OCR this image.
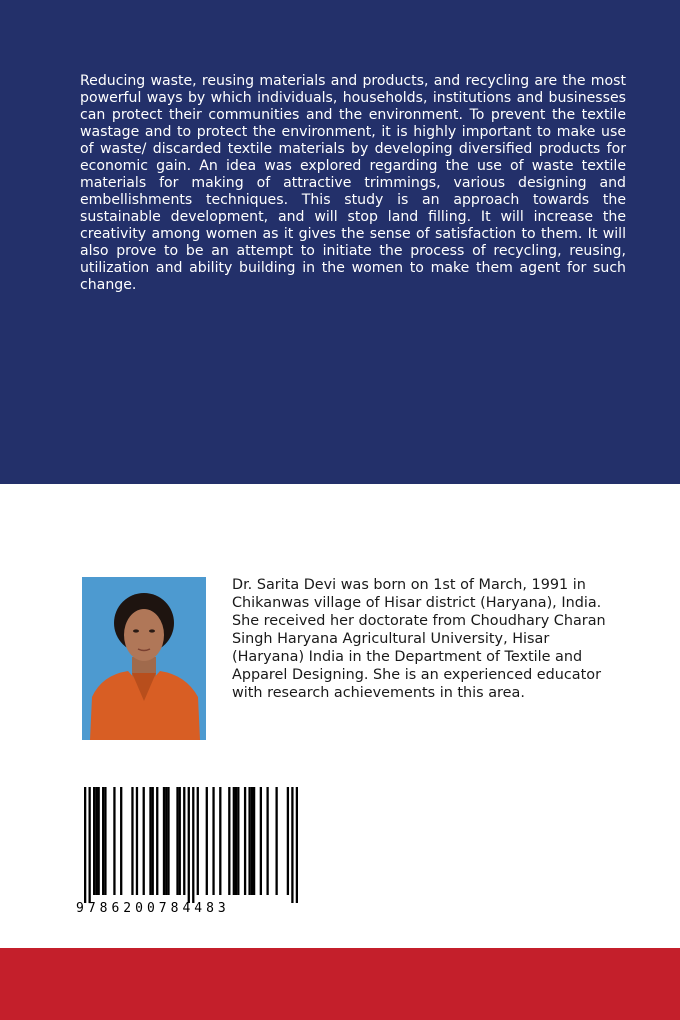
Reducing waste, reusing materials and products, and recycling are the most powerful ways by which individuals, households, institutions and businesses can protect their communities and the environment. To prevent the textile wastage and to protect the environment, it is highly important to make use of waste/ discarded textile materials by developing diversified products for economic gain. An idea was explored regarding the use of waste textile materials for making of attractive trimmings, various designing and embellishments techniques. This study is an approach towards the sustainable development, and will stop land filling. It will increase the creativity among women as it gives the sense of satisfaction to them. It will also prove to be an attempt to initiate the process of recycling, reusing, utilization and ability building in the women to make them agent for such change.

Dr. Sarita Devi was born on 1st of March, 1991 in Chikanwas village of Hisar district (Haryana), India. She received her doctorate from Choudhary Charan Singh Haryana Agricultural University, Hisar (Haryana) India in the Department of Textile and Apparel Designing. She is an experienced educator with research achievements in this area.

9786200784483
